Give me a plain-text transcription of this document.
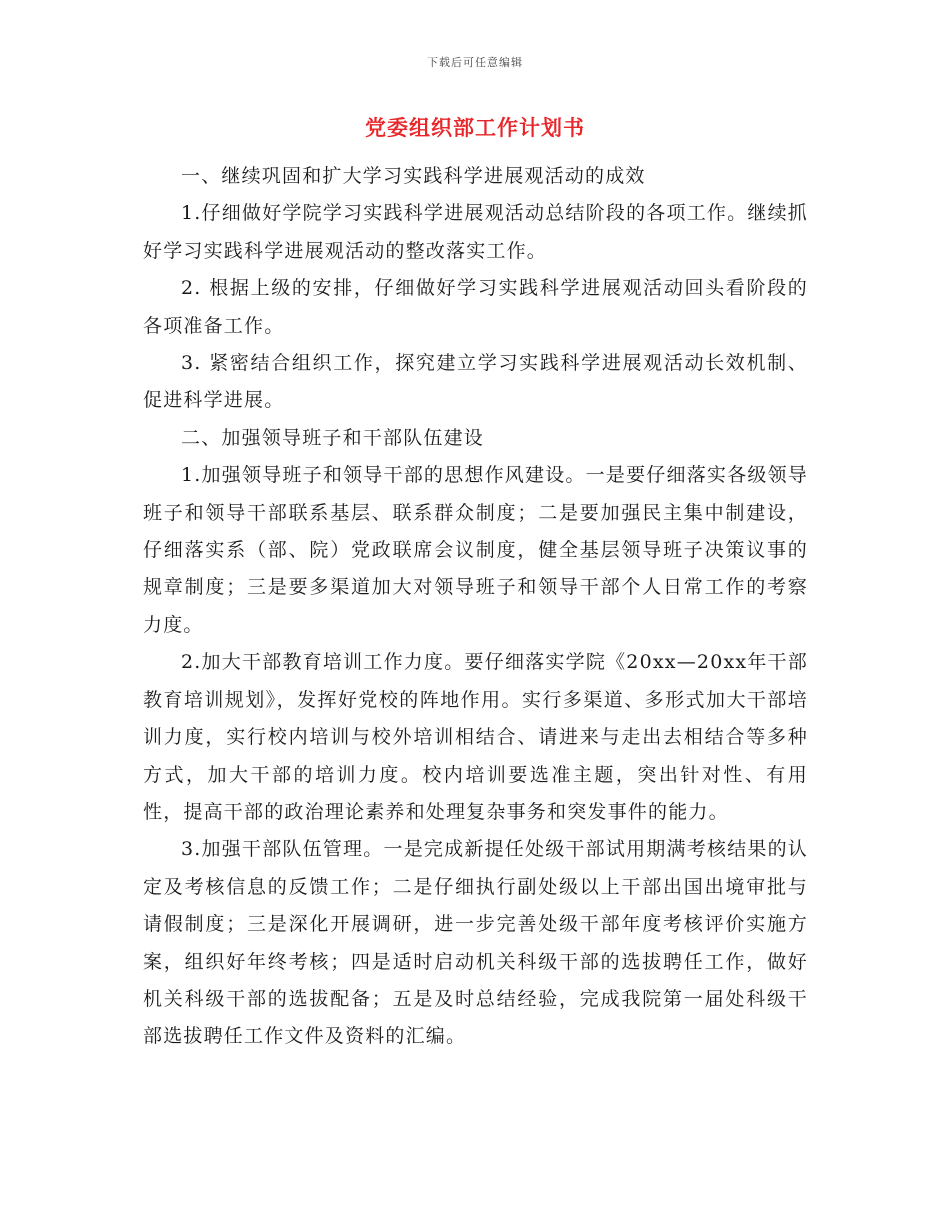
下载后可任意编辑
党委组织部工作计划书

一、继续巩固和扩大学习实践科学进展观活动的成效

1.仔细做好学院学习实践科学进展观活动总结阶段的各项工作。继续抓好学习实践科学进展观活动的整改落实工作。

2. 根据上级的安排，仔细做好学习实践科学进展观活动回头看阶段的各项准备工作。

3. 紧密结合组织工作，探究建立学习实践科学进展观活动长效机制、促进科学进展。

二、加强领导班子和干部队伍建设

1.加强领导班子和领导干部的思想作风建设。一是要仔细落实各级领导班子和领导干部联系基层、联系群众制度；二是要加强民主集中制建设，仔细落实系（部、院）党政联席会议制度，健全基层领导班子决策议事的规章制度；三是要多渠道加大对领导班子和领导干部个人日常工作的考察力度。

2.加大干部教育培训工作力度。要仔细落实学院《20xx—20xx年干部教育培训规划》，发挥好党校的阵地作用。实行多渠道、多形式加大干部培训力度，实行校内培训与校外培训相结合、请进来与走出去相结合等多种方式，加大干部的培训力度。校内培训要选准主题，突出针对性、有用性，提高干部的政治理论素养和处理复杂事务和突发事件的能力。

3.加强干部队伍管理。一是完成新提任处级干部试用期满考核结果的认定及考核信息的反馈工作；二是仔细执行副处级以上干部出国出境审批与请假制度；三是深化开展调研，进一步完善处级干部年度考核评价实施方案，组织好年终考核；四是适时启动机关科级干部的选拔聘任工作，做好机关科级干部的选拔配备；五是及时总结经验，完成我院第一届处科级干部选拔聘任工作文件及资料的汇编。
